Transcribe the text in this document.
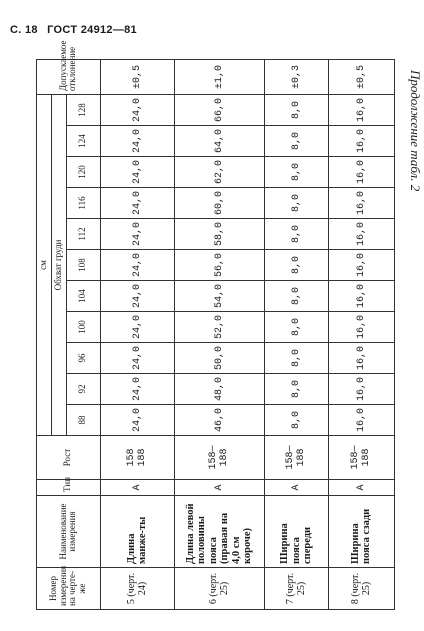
С. 18 ГОСТ 24912—81
Продолжение табл. 2
Номер измерения на черте-же	Наименование измерения	Тип	Рост	см											Допускаемое отклонение
				Обхват груди											
				88	92	96	100	104	108	112	116	120	124	128	
5 (черт. 24)	Длина манже-ты	А	158 188	24,0	24,0	24,0	24,0	24,0	24,0	24,0	24,0	24,0	24,0	24,0	±0,5
6 (черт. 25)	Длина левой половины пояса (правая на 4,0 см короче)	А	158—188	46,0	48,0	50,0	52,0	54,0	56,0	58,0	60,0	62,0	64,0	66,0	±1,0
7 (черт. 25)	Ширина пояса спереди	А	158—188	8,0	8,0	8,0	8,0	8,0	8,0	8,0	8,0	8,0	8,0	8,0	±0,3
8 (черт. 25)	Ширина пояса сзади	А	158—188	16,0	16,0	16,0	16,0	16,0	16,0	16,0	16,0	16,0	16,0	16,0	±0,5
